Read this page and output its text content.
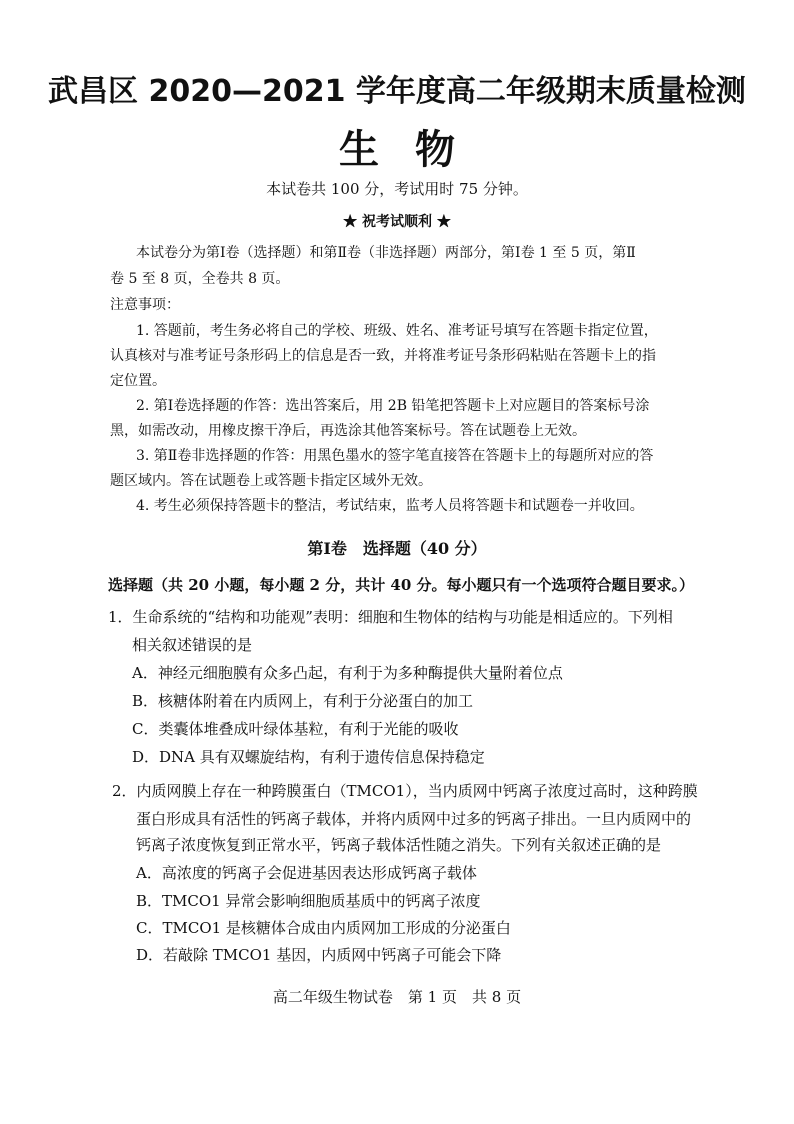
武昌区 2020—2021 学年度高二年级期末质量检测
生物
本试卷共 100 分，考试用时 75 分钟。
★ 祝考试顺利 ★
本试卷分为第Ⅰ卷（选择题）和第Ⅱ卷（非选择题）两部分，第Ⅰ卷 1 至 5 页，第Ⅱ
卷 5 至 8 页，全卷共 8 页。
注意事项：
1. 答题前，考生务必将自己的学校、班级、姓名、准考证号填写在答题卡指定位置，
认真核对与准考证号条形码上的信息是否一致，并将准考证号条形码粘贴在答题卡上的指
定位置。
2. 第Ⅰ卷选择题的作答：选出答案后，用 2B 铅笔把答题卡上对应题目的答案标号涂
黑，如需改动，用橡皮擦干净后，再选涂其他答案标号。答在试题卷上无效。
3. 第Ⅱ卷非选择题的作答：用黑色墨水的签字笔直接答在答题卡上的每题所对应的答
题区域内。答在试题卷上或答题卡指定区域外无效。
4. 考生必须保持答题卡的整洁，考试结束，监考人员将答题卡和试题卷一并收回。
第Ⅰ卷　选择题（40 分）
选择题（共 20 小题，每小题 2 分，共计 40 分。每小题只有一个选项符合题目要求。）
1．生命系统的“结构和功能观”表明：细胞和生物体的结构与功能是相适应的。下列相
相关叙述错误的是
A．神经元细胞膜有众多凸起，有利于为多种酶提供大量附着位点
B．核糖体附着在内质网上，有利于分泌蛋白的加工
C．类囊体堆叠成叶绿体基粒，有利于光能的吸收
D．DNA 具有双螺旋结构，有利于遗传信息保持稳定
2．内质网膜上存在一种跨膜蛋白（TMCO1），当内质网中钙离子浓度过高时，这种跨膜
蛋白形成具有活性的钙离子载体，并将内质网中过多的钙离子排出。一旦内质网中的
钙离子浓度恢复到正常水平，钙离子载体活性随之消失。下列有关叙述正确的是
A．高浓度的钙离子会促进基因表达形成钙离子载体
B．TMCO1 异常会影响细胞质基质中的钙离子浓度
C．TMCO1 是核糖体合成由内质网加工形成的分泌蛋白
D．若敲除 TMCO1 基因，内质网中钙离子可能会下降
高二年级生物试卷　第 1 页　共 8 页
